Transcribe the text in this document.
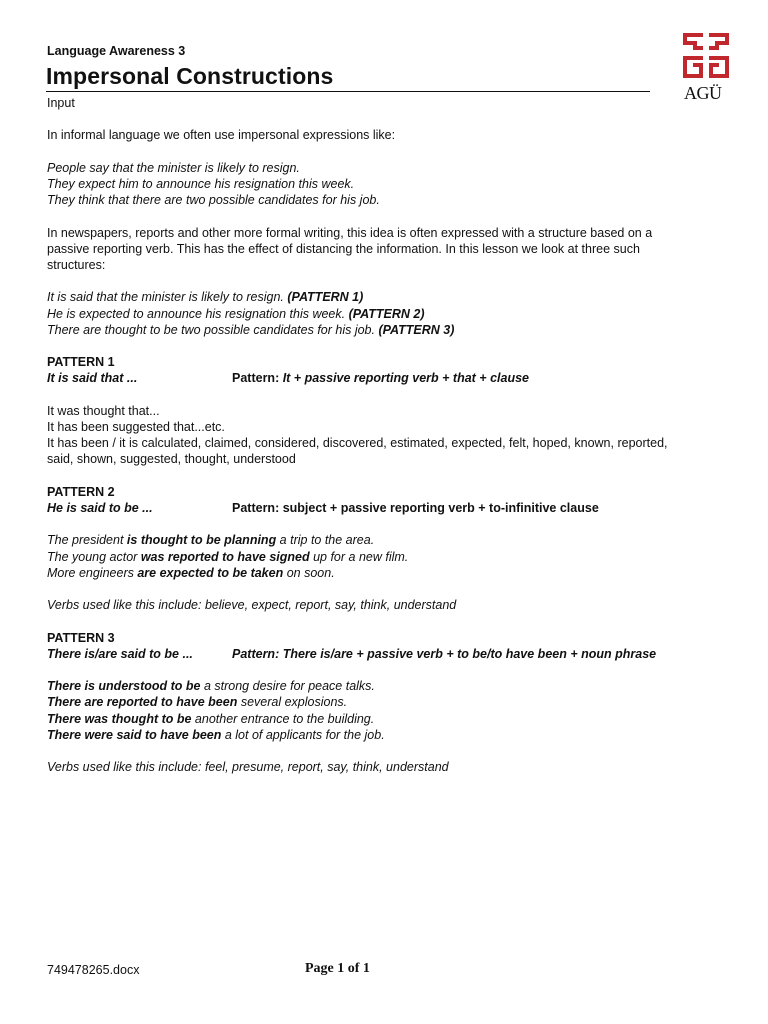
Language Awareness 3
Impersonal Constructions
AGÜ

Input

In informal language we often use impersonal expressions like:

People say that the minister is likely to resign.

They expect him to announce his resignation this week.

They think that there are two possible candidates for his job.

In newspapers, reports and other more formal writing, this idea is often expressed with a structure based on a

passive reporting verb. This has the effect of distancing the information. In this lesson we look at three such

structures:

It is said that the minister is likely to resign. (PATTERN 1)

He is expected to announce his resignation this week. (PATTERN 2)

There are thought to be two possible candidates for his job. (PATTERN 3)

PATTERN 1

It is said that ...	Pattern: It + passive reporting verb + that + clause

It was thought that...

It has been suggested that...etc.

It has been / it is calculated, claimed, considered, discovered, estimated, expected, felt, hoped, known, reported,

said, shown, suggested, thought, understood

PATTERN 2

He is said to be ...	Pattern: subject + passive reporting verb + to-infinitive clause

The president is thought to be planning a trip to the area.

The young actor was reported to have signed up for a new film.

More engineers are expected to be taken on soon.

Verbs used like this include: believe, expect, report, say, think, understand

PATTERN 3

There is/are said to be ...	Pattern: There is/are + passive verb + to be/to have been + noun phrase

There is understood to be a strong desire for peace talks.

There are reported to have been several explosions.

There was thought to be another entrance to the building.

There were said to have been a lot of applicants for the job.

Verbs used like this include: feel, presume, report, say, think, understand

749478265.docx	Page 1 of 1
